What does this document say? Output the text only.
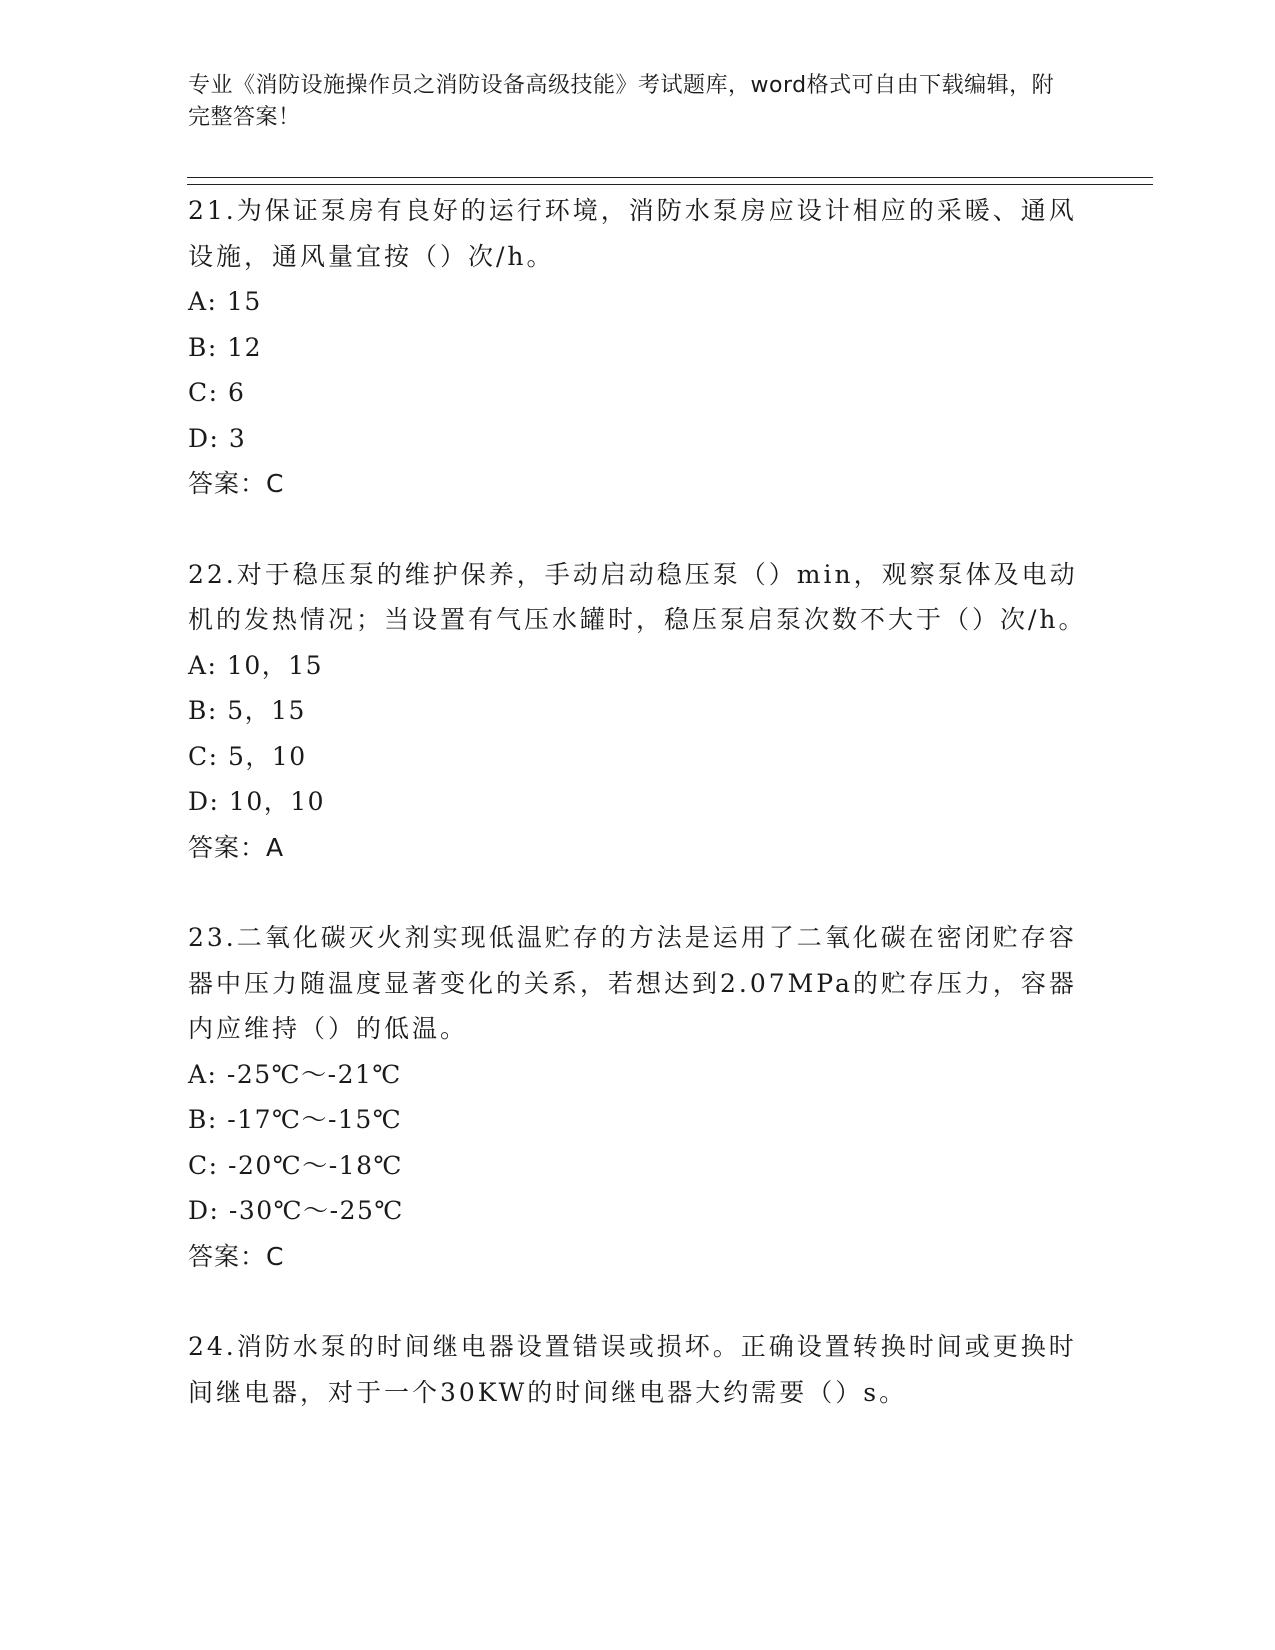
专业《消防设施操作员之消防设备高级技能》考试题库，word格式可自由下载编辑，附完整答案！
21.为保证泵房有良好的运行环境，消防水泵房应设计相应的采暖、通风设施，通风量宜按（）次/h。
A: 15
B: 12
C: 6
D: 3
答案：C
22.对于稳压泵的维护保养，手动启动稳压泵（）min，观察泵体及电动机的发热情况；当设置有气压水罐时，稳压泵启泵次数不大于（）次/h。
A: 10，15
B: 5，15
C: 5，10
D: 10，10
答案：A
23.二氧化碳灭火剂实现低温贮存的方法是运用了二氧化碳在密闭贮存容器中压力随温度显著变化的关系，若想达到2.07MPa的贮存压力，容器内应维持（）的低温。
A: -25℃～-21℃
B: -17℃～-15℃
C: -20℃～-18℃
D: -30℃～-25℃
答案：C
24.消防水泵的时间继电器设置错误或损坏。正确设置转换时间或更换时间继电器，对于一个30KW的时间继电器大约需要（）s。
